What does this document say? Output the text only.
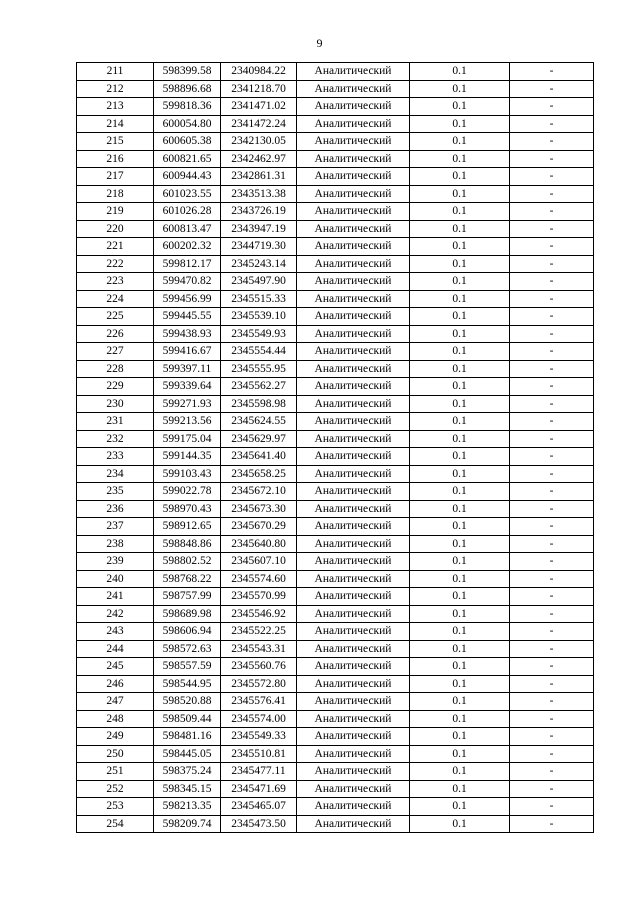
9
211	598399.58	2340984.22	Аналитический	0.1	-
212	598896.68	2341218.70	Аналитический	0.1	-
213	599818.36	2341471.02	Аналитический	0.1	-
214	600054.80	2341472.24	Аналитический	0.1	-
215	600605.38	2342130.05	Аналитический	0.1	-
216	600821.65	2342462.97	Аналитический	0.1	-
217	600944.43	2342861.31	Аналитический	0.1	-
218	601023.55	2343513.38	Аналитический	0.1	-
219	601026.28	2343726.19	Аналитический	0.1	-
220	600813.47	2343947.19	Аналитический	0.1	-
221	600202.32	2344719.30	Аналитический	0.1	-
222	599812.17	2345243.14	Аналитический	0.1	-
223	599470.82	2345497.90	Аналитический	0.1	-
224	599456.99	2345515.33	Аналитический	0.1	-
225	599445.55	2345539.10	Аналитический	0.1	-
226	599438.93	2345549.93	Аналитический	0.1	-
227	599416.67	2345554.44	Аналитический	0.1	-
228	599397.11	2345555.95	Аналитический	0.1	-
229	599339.64	2345562.27	Аналитический	0.1	-
230	599271.93	2345598.98	Аналитический	0.1	-
231	599213.56	2345624.55	Аналитический	0.1	-
232	599175.04	2345629.97	Аналитический	0.1	-
233	599144.35	2345641.40	Аналитический	0.1	-
234	599103.43	2345658.25	Аналитический	0.1	-
235	599022.78	2345672.10	Аналитический	0.1	-
236	598970.43	2345673.30	Аналитический	0.1	-
237	598912.65	2345670.29	Аналитический	0.1	-
238	598848.86	2345640.80	Аналитический	0.1	-
239	598802.52	2345607.10	Аналитический	0.1	-
240	598768.22	2345574.60	Аналитический	0.1	-
241	598757.99	2345570.99	Аналитический	0.1	-
242	598689.98	2345546.92	Аналитический	0.1	-
243	598606.94	2345522.25	Аналитический	0.1	-
244	598572.63	2345543.31	Аналитический	0.1	-
245	598557.59	2345560.76	Аналитический	0.1	-
246	598544.95	2345572.80	Аналитический	0.1	-
247	598520.88	2345576.41	Аналитический	0.1	-
248	598509.44	2345574.00	Аналитический	0.1	-
249	598481.16	2345549.33	Аналитический	0.1	-
250	598445.05	2345510.81	Аналитический	0.1	-
251	598375.24	2345477.11	Аналитический	0.1	-
252	598345.15	2345471.69	Аналитический	0.1	-
253	598213.35	2345465.07	Аналитический	0.1	-
254	598209.74	2345473.50	Аналитический	0.1	-
